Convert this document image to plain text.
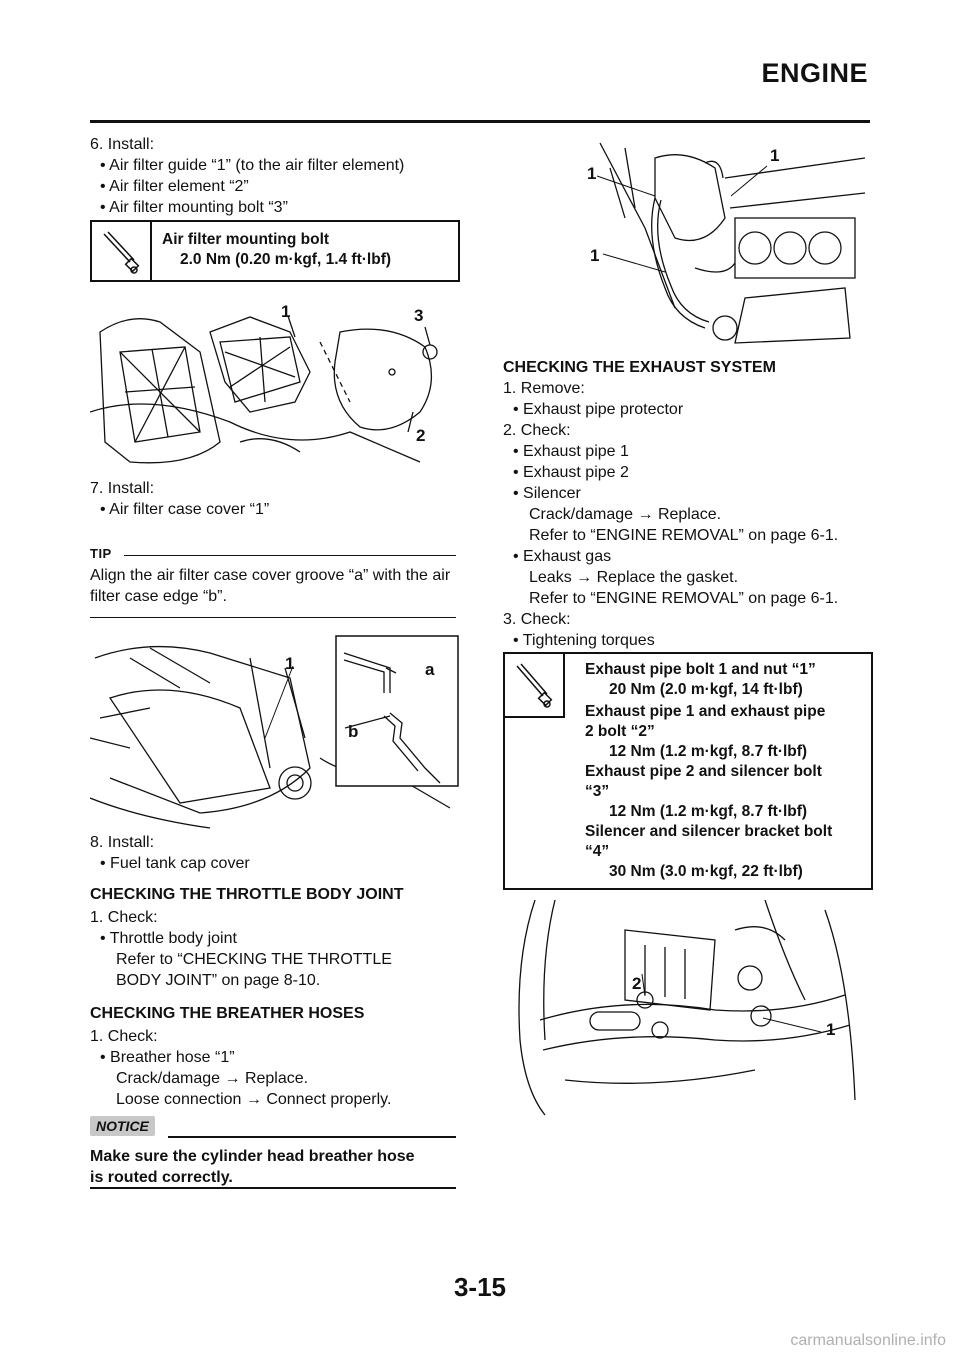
ENGINE

6. Install:

• Air filter guide “1” (to the air filter element)

• Air filter element “2”

• Air filter mounting bolt “3”

Air filter mounting bolt
2.0 Nm (0.20 m·kgf, 1.4 ft·lbf)
1	3
2

7. Install:

• Air filter case cover “1”

TIP
Align the air filter case cover groove “a” with the air filter case edge “b”.
1	a
b

8. Install:

• Fuel tank cap cover

CHECKING THE THROTTLE BODY JOINT

1. Check:

• Throttle body joint

Refer to “CHECKING THE THROTTLE

BODY JOINT” on page 8-10.

CHECKING THE BREATHER HOSES

1. Check:

• Breather hose “1”

Crack/damage → Replace.

Loose connection → Connect properly.

NOTICE

Make sure the cylinder head breather hose

is routed correctly.

1
1
1

CHECKING THE EXHAUST SYSTEM

1. Remove:

• Exhaust pipe protector

2. Check:

• Exhaust pipe 1

• Exhaust pipe 2

• Silencer

Crack/damage → Replace.

Refer to “ENGINE REMOVAL” on page 6-1.

• Exhaust gas

Leaks → Replace the gasket.

Refer to “ENGINE REMOVAL” on page 6-1.

3. Check:

• Tightening torques

Exhaust pipe bolt 1 and nut “1”
20 Nm (2.0 m·kgf, 14 ft·lbf)
Exhaust pipe 1 and exhaust pipe
2 bolt “2”
12 Nm (1.2 m·kgf, 8.7 ft·lbf)
Exhaust pipe 2 and silencer bolt
“3”
12 Nm (1.2 m·kgf, 8.7 ft·lbf)
Silencer and silencer bracket bolt
“4”
30 Nm (3.0 m·kgf, 22 ft·lbf)
2
1
3-15
carmanualsonline.info
